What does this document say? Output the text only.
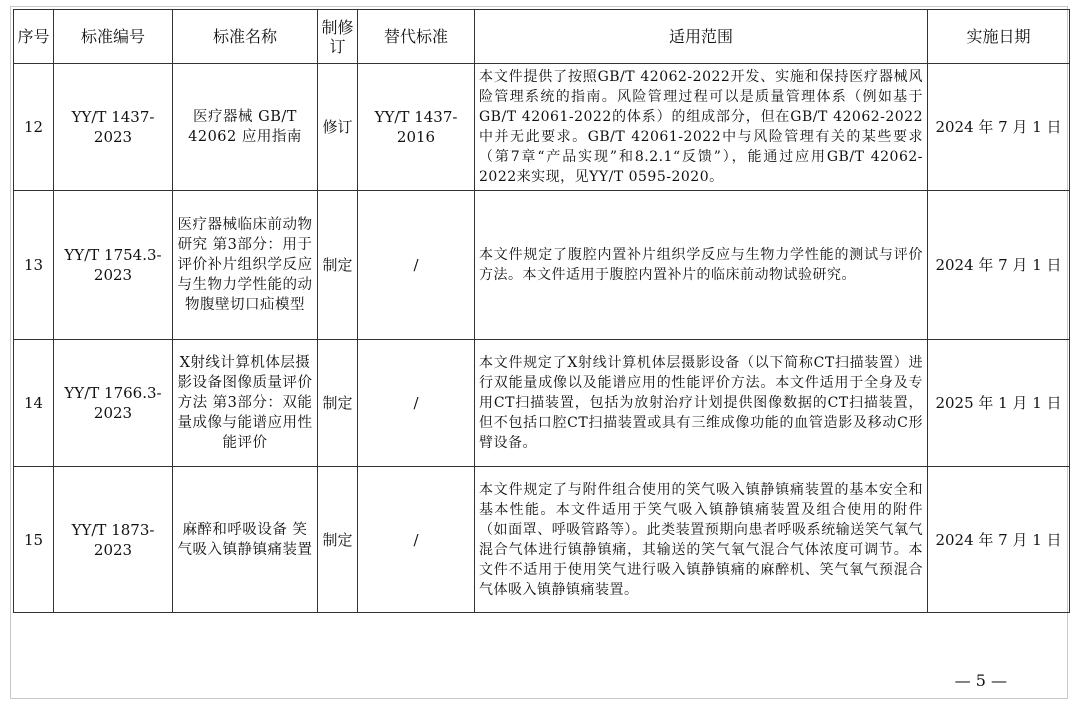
序号	标准编号	标准名称	制修订	替代标准	适用范围	实施日期
12	YY/T 1437-2023	医疗器械 GB/T 42062 应用指南	修订	YY/T 1437-2016	本文件提供了按照GB/T 42062-2022开发、实施和保持医疗器械风险管理系统的指南。风险管理过程可以是质量管理体系（例如基于GB/T 42061-2022的体系）的组成部分，但在GB/T 42062-2022中并无此要求。GB/T 42061-2022中与风险管理有关的某些要求（第7章“产品实现”和8.2.1“反馈”），能通过应用GB/T 42062-2022来实现，见YY/T 0595-2020。	2024 年 7 月 1 日
13	YY/T 1754.3-2023	医疗器械临床前动物研究 第3部分：用于评价补片组织学反应与生物力学性能的动物腹壁切口疝模型	制定	/	本文件规定了腹腔内置补片组织学反应与生物力学性能的测试与评价方法。本文件适用于腹腔内置补片的临床前动物试验研究。	2024 年 7 月 1 日
14	YY/T 1766.3-2023	X射线计算机体层摄影设备图像质量评价方法 第3部分：双能量成像与能谱应用性能评价	制定	/	本文件规定了X射线计算机体层摄影设备（以下简称CT扫描装置）进行双能量成像以及能谱应用的性能评价方法。本文件适用于全身及专用CT扫描装置，包括为放射治疗计划提供图像数据的CT扫描装置，但不包括口腔CT扫描装置或具有三维成像功能的血管造影及移动C形臂设备。	2025 年 1 月 1 日
15	YY/T 1873-2023	麻醉和呼吸设备 笑气吸入镇静镇痛装置	制定	/	本文件规定了与附件组合使用的笑气吸入镇静镇痛装置的基本安全和基本性能。本文件适用于笑气吸入镇静镇痛装置及组合使用的附件（如面罩、呼吸管路等）。此类装置预期向患者呼吸系统输送笑气氧气混合气体进行镇静镇痛，其输送的笑气氧气混合气体浓度可调节。本文件不适用于使用笑气进行吸入镇静镇痛的麻醉机、笑气氧气预混合气体吸入镇静镇痛装置。	2024 年 7 月 1 日
— 5 —
